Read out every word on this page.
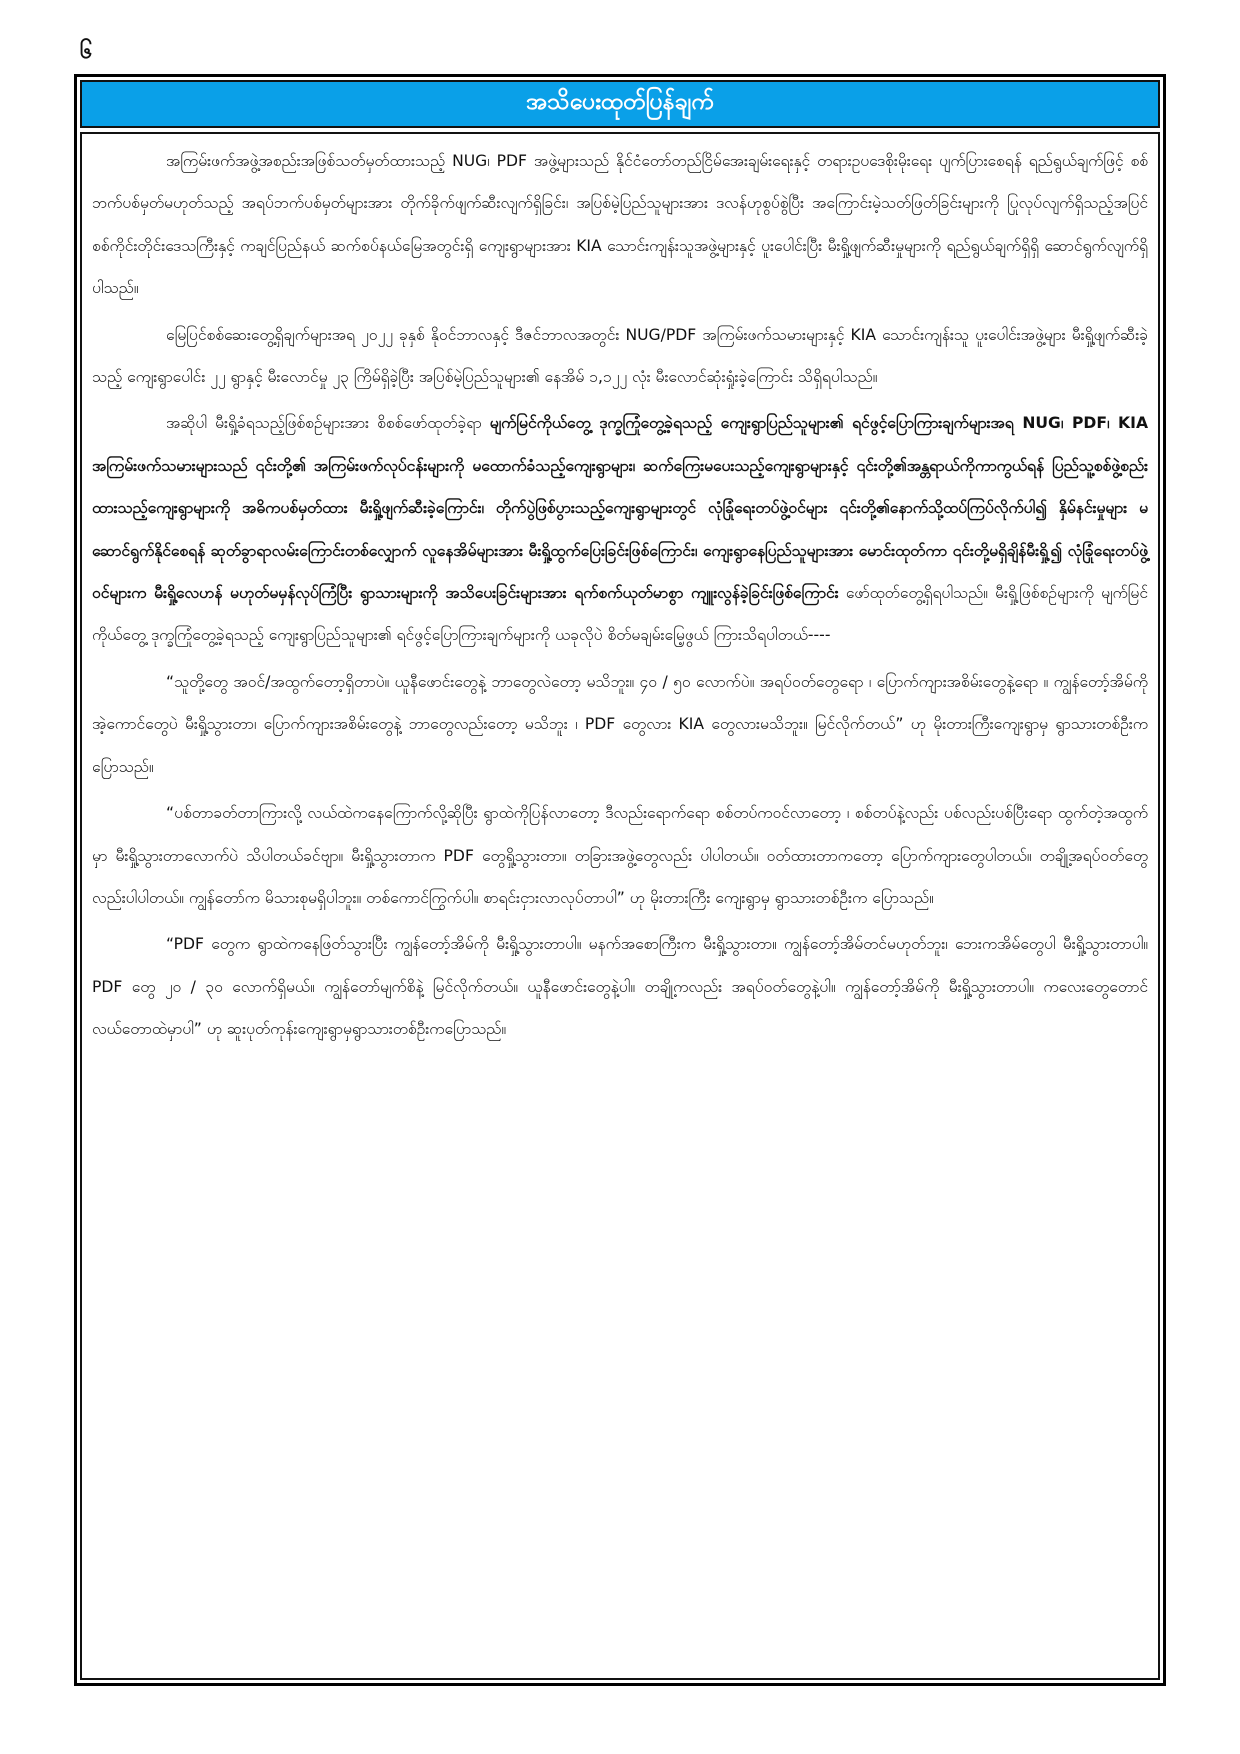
၆
အသိပေးထုတ်ပြန်ချက်

အကြမ်းဖက်အဖွဲ့အစည်းအဖြစ်သတ်မှတ်ထားသည့် NUG၊ PDF အဖွဲ့များသည် နိုင်ငံတော်တည်ငြိမ်အေးချမ်းရေးနှင့် တရားဥပဒေစိုးမိုးရေး ပျက်ပြားစေရန် ရည်ရွယ်ချက်ဖြင့် စစ်ဘက်ပစ်မှတ်မဟုတ်သည့် အရပ်ဘက်ပစ်မှတ်များအား တိုက်ခိုက်ဖျက်ဆီးလျက်ရှိခြင်း၊ အပြစ်မဲ့ပြည်သူများအား ဒလန်ဟုစွပ်စွဲပြီး အကြောင်းမဲ့သတ်ဖြတ်ခြင်းများကို ပြုလုပ်လျက်ရှိသည့်အပြင် စစ်ကိုင်းတိုင်းဒေသကြီးနှင့် ကချင်ပြည်နယ် ဆက်စပ်နယ်မြေအတွင်းရှိ ကျေးရွာများအား KIA သောင်းကျန်းသူအဖွဲ့များနှင့် ပူးပေါင်းပြီး မီးရှို့ဖျက်ဆီးမှုများကို ရည်ရွယ်ချက်ရှိရှိ ဆောင်ရွက်လျက်ရှိပါသည်။

မြေပြင်စစ်ဆေးတွေ့ရှိချက်များအရ ၂၀၂၂ ခုနှစ် နိုဝင်ဘာလနှင့် ဒီဇင်ဘာလအတွင်း NUG/PDF အကြမ်းဖက်သမားများနှင့် KIA သောင်းကျန်းသူ ပူးပေါင်းအဖွဲ့များ မီးရှို့ဖျက်ဆီးခဲ့သည့် ကျေးရွာပေါင်း ၂၂ ရွာနှင့် မီးလောင်မှု ၂၃ ကြိမ်ရှိခဲ့ပြီး အပြစ်မဲ့ပြည်သူများ၏ နေအိမ် ၁,၁၂၂ လုံး မီးလောင်ဆုံးရှုံးခဲ့ကြောင်း သိရှိရပါသည်။

အဆိုပါ မီးရှို့ခံရသည့်ဖြစ်စဉ်များအား စိစစ်ဖော်ထုတ်ခဲ့ရာ မျက်မြင်ကိုယ်တွေ့ ဒုက္ခကြုံတွေ့ခဲ့ရသည့် ကျေးရွာပြည်သူများ၏ ရင်ဖွင့်ပြောကြားချက်များအရ NUG၊ PDF၊ KIA အကြမ်းဖက်သမားများသည် ၎င်းတို့၏ အကြမ်းဖက်လုပ်ငန်းများကို မထောက်ခံသည့်ကျေးရွာများ၊ ဆက်ကြေးမပေးသည့်ကျေးရွာများနှင့် ၎င်းတို့၏အန္တရာယ်ကိုကာကွယ်ရန် ပြည်သူ့စစ်ဖွဲ့စည်းထားသည့်ကျေးရွာများကို အဓိကပစ်မှတ်ထား မီးရှို့ဖျက်ဆီးခဲ့ကြောင်း၊ တိုက်ပွဲဖြစ်ပွားသည့်ကျေးရွာများတွင် လုံခြုံရေးတပ်ဖွဲ့ဝင်များ ၎င်းတို့၏နောက်သို့ထပ်ကြပ်လိုက်ပါ၍ နှိမ်နင်းမှုများ မဆောင်ရွက်နိုင်စေရန် ဆုတ်ခွာရာလမ်းကြောင်းတစ်လျှောက် လူနေအိမ်များအား မီးရှို့ထွက်ပြေးခြင်းဖြစ်ကြောင်း၊ ကျေးရွာနေပြည်သူများအား မောင်းထုတ်ကာ ၎င်းတို့မရှိချိန်မီးရှို့၍ လုံခြုံရေးတပ်ဖွဲ့ဝင်များက မီးရှို့လေဟန် မဟုတ်မမှန်လုပ်ကြံပြီး ရွာသားများကို အသိပေးခြင်းများအား ရက်စက်ယုတ်မာစွာ ကျူးလွန်ခဲ့ခြင်းဖြစ်ကြောင်း ဖော်ထုတ်တွေ့ရှိရပါသည်။ မီးရှို့ဖြစ်စဉ်များကို မျက်မြင်ကိုယ်တွေ့ ဒုက္ခကြုံတွေ့ခဲ့ရသည့် ကျေးရွာပြည်သူများ၏ ရင်ဖွင့်ပြောကြားချက်များကို ယခုလိုပဲ စိတ်မချမ်းမြေ့ဖွယ် ကြားသိရပါတယ်----

“သူတို့တွေ အဝင်/အထွက်တော့ရှိတာပဲ။ ယူနီဖောင်းတွေနဲ့ ဘာတွေလဲတော့ မသိဘူး။ ၄၀ / ၅၀ လောက်ပဲ။ အရပ်ဝတ်တွေရော ၊ ပြောက်ကျားအစိမ်းတွေနဲ့ရော ။ ကျွန်တော့်အိမ်ကို အဲ့ကောင်တွေပဲ မီးရှို့သွားတာ၊ ပြောက်ကျားအစိမ်းတွေနဲ့ ဘာတွေလည်းတော့ မသိဘူး ၊ PDF တွေလား KIA တွေလားမသိဘူး။ မြင်လိုက်တယ်” ဟု မိုးတားကြီးကျေးရွာမှ ရွာသားတစ်ဦးက ပြောသည်။

“ပစ်တာခတ်တာကြားလို့ လယ်ထဲကနေကြောက်လို့ဆိုပြီး ရွာထဲကိုပြန်လာတော့ ဒီလည်းရောက်ရော စစ်တပ်ကဝင်လာတော့ ၊ စစ်တပ်နဲ့လည်း ပစ်လည်းပစ်ပြီးရော ထွက်တဲ့အထွက်မှာ မီးရှို့သွားတာလောက်ပဲ သိပါတယ်ခင်ဗျာ။ မီးရှို့သွားတာက PDF တွေရှို့သွားတာ။ တခြားအဖွဲ့တွေလည်း ပါပါတယ်။ ဝတ်ထားတာကတော့ ပြောက်ကျားတွေပါတယ်။ တချို့အရပ်ဝတ်တွေလည်းပါပါတယ်။ ကျွန်တော်က မိသားစုမရှိပါဘူး။ တစ်ကောင်ကြွက်ပါ။ စာရင်းငှားလာလုပ်တာပါ” ဟု မိုးတားကြီး ကျေးရွာမှ ရွာသားတစ်ဦးက ပြောသည်။

“PDF တွေက ရွာထဲကနေဖြတ်သွားပြီး ကျွန်တော့်အိမ်ကို မီးရှို့သွားတာပါ။ မနက်အစောကြီးက မီးရှို့သွားတာ။ ကျွန်တော့်အိမ်တင်မဟုတ်ဘူး၊ ဘေးကအိမ်တွေပါ မီးရှို့သွားတာပါ။ PDF တွေ ၂၀ / ၃၀ လောက်ရှိမယ်။ ကျွန်တော်မျက်စိနဲ့ မြင်လိုက်တယ်။ ယူနီဖောင်းတွေနဲ့ပါ။ တချို့ကလည်း အရပ်ဝတ်တွေနဲ့ပါ။ ကျွန်တော့်အိမ်ကို မီးရှို့သွားတာပါ။ ကလေးတွေတောင် လယ်တောထဲမှာပါ” ဟု ဆူးပုတ်ကုန်းကျေးရွာမှရွာသားတစ်ဦးကပြောသည်။
